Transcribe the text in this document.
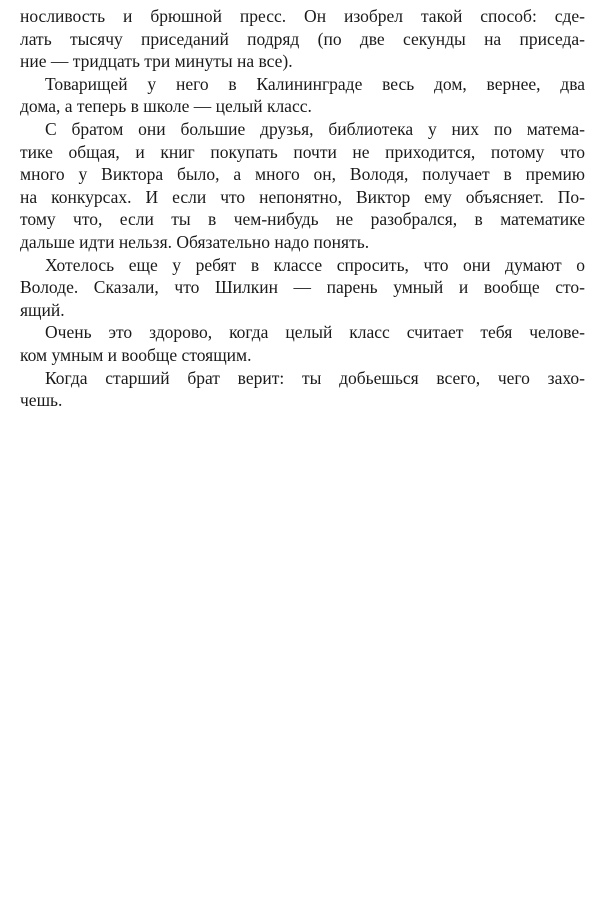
носливость и брюшной пресс. Он изобрел такой способ: сде-
лать тысячу приседаний подряд (по две секунды на приседа-
ние — тридцать три минуты на все).
Товарищей у него в Калининграде весь дом, вернее, два
дома, а теперь в школе — целый класс.
С братом они большие друзья, библиотека у них по матема-
тике общая, и книг покупать почти не приходится, потому что
много у Виктора было, а много он, Володя, получает в премию
на конкурсах. И если что непонятно, Виктор ему объясняет. По-
тому что, если ты в чем-нибудь не разобрался, в математике
дальше идти нельзя. Обязательно надо понять.
Хотелось еще у ребят в классе спросить, что они думают о
Володе. Сказали, что Шилкин — парень умный и вообще сто-
ящий.
Очень это здорово, когда целый класс считает тебя челове-
ком умным и вообще стоящим.
Когда старший брат верит: ты добьешься всего, чего захо-
чешь.
